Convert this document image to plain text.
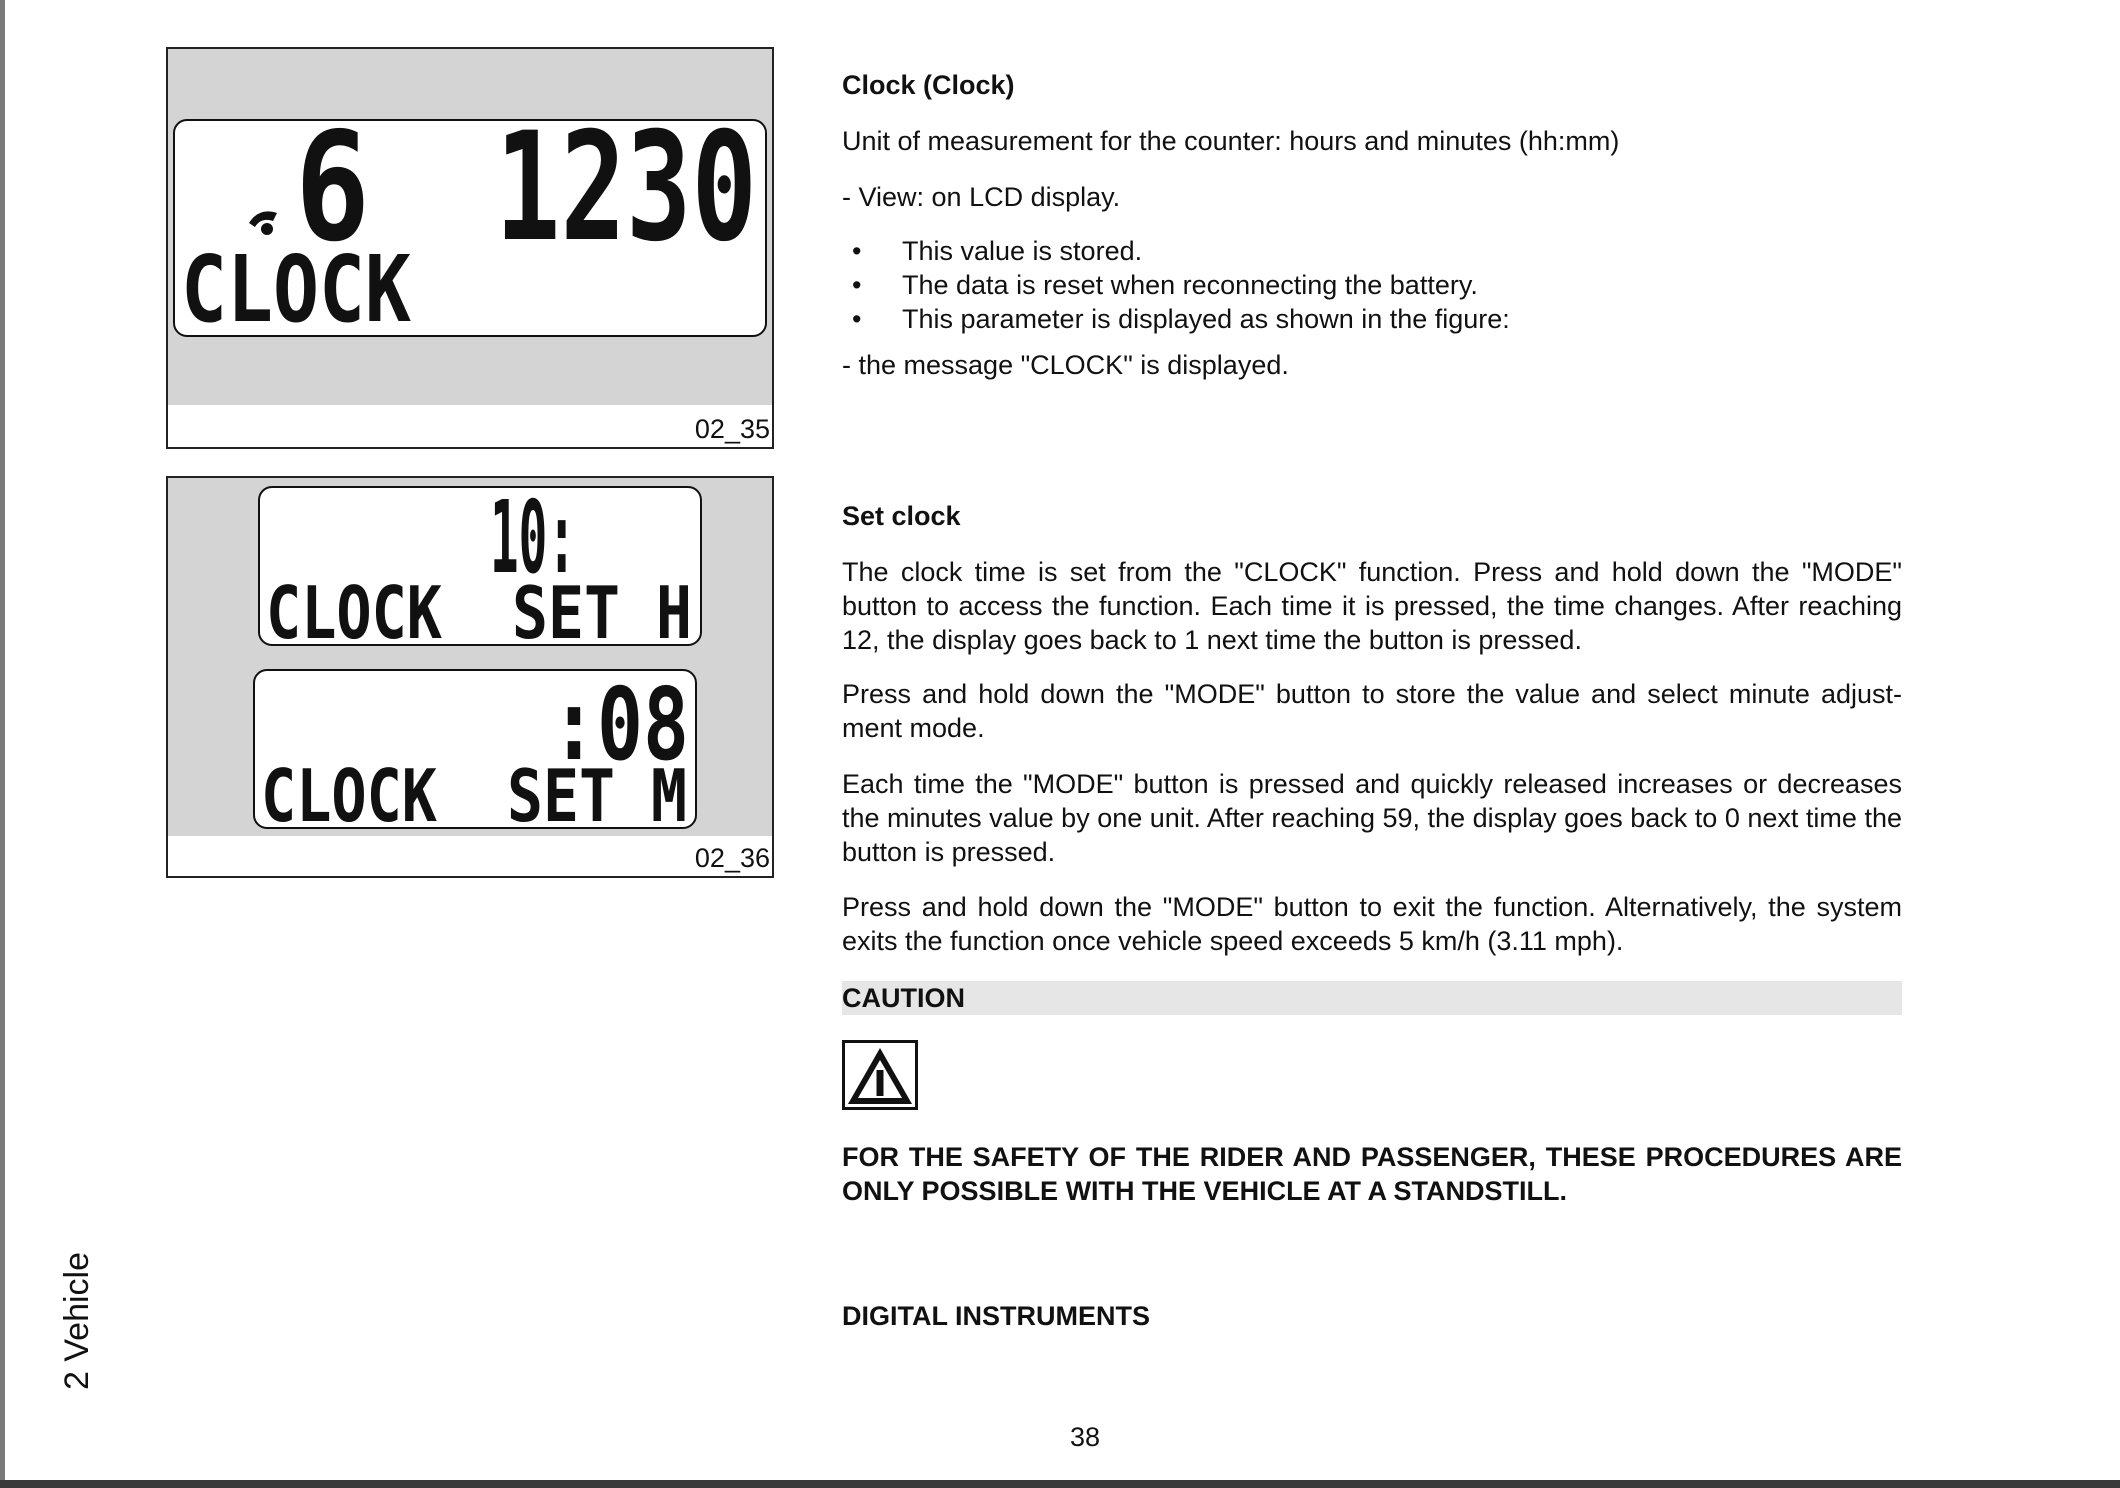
2 Vehicle
6 1230
CLOCK
02_35
10:
CLOCK SET H
:08
CLOCK SET M
02_36
Clock (Clock)
Unit of measurement for the counter: hours and minutes (hh:mm)
- View: on LCD display.
• This value is stored.
• The data is reset when reconnecting the battery.
• This parameter is displayed as shown in the figure:
- the message "CLOCK" is displayed.
Set clock
The clock time is set from the "CLOCK" function. Press and hold down the "MODE" button to access the function. Each time it is pressed, the time changes. After reaching 12, the display goes back to 1 next time the button is pressed.
Press and hold down the "MODE" button to store the value and select minute adjust-ment mode.
Each time the "MODE" button is pressed and quickly released increases or decreases the minutes value by one unit. After reaching 59, the display goes back to 0 next time the button is pressed.
Press and hold down the "MODE" button to exit the function. Alternatively, the system exits the function once vehicle speed exceeds 5 km/h (3.11 mph).
CAUTION
FOR THE SAFETY OF THE RIDER AND PASSENGER, THESE PROCEDURES ARE ONLY POSSIBLE WITH THE VEHICLE AT A STANDSTILL.
DIGITAL INSTRUMENTS
38
